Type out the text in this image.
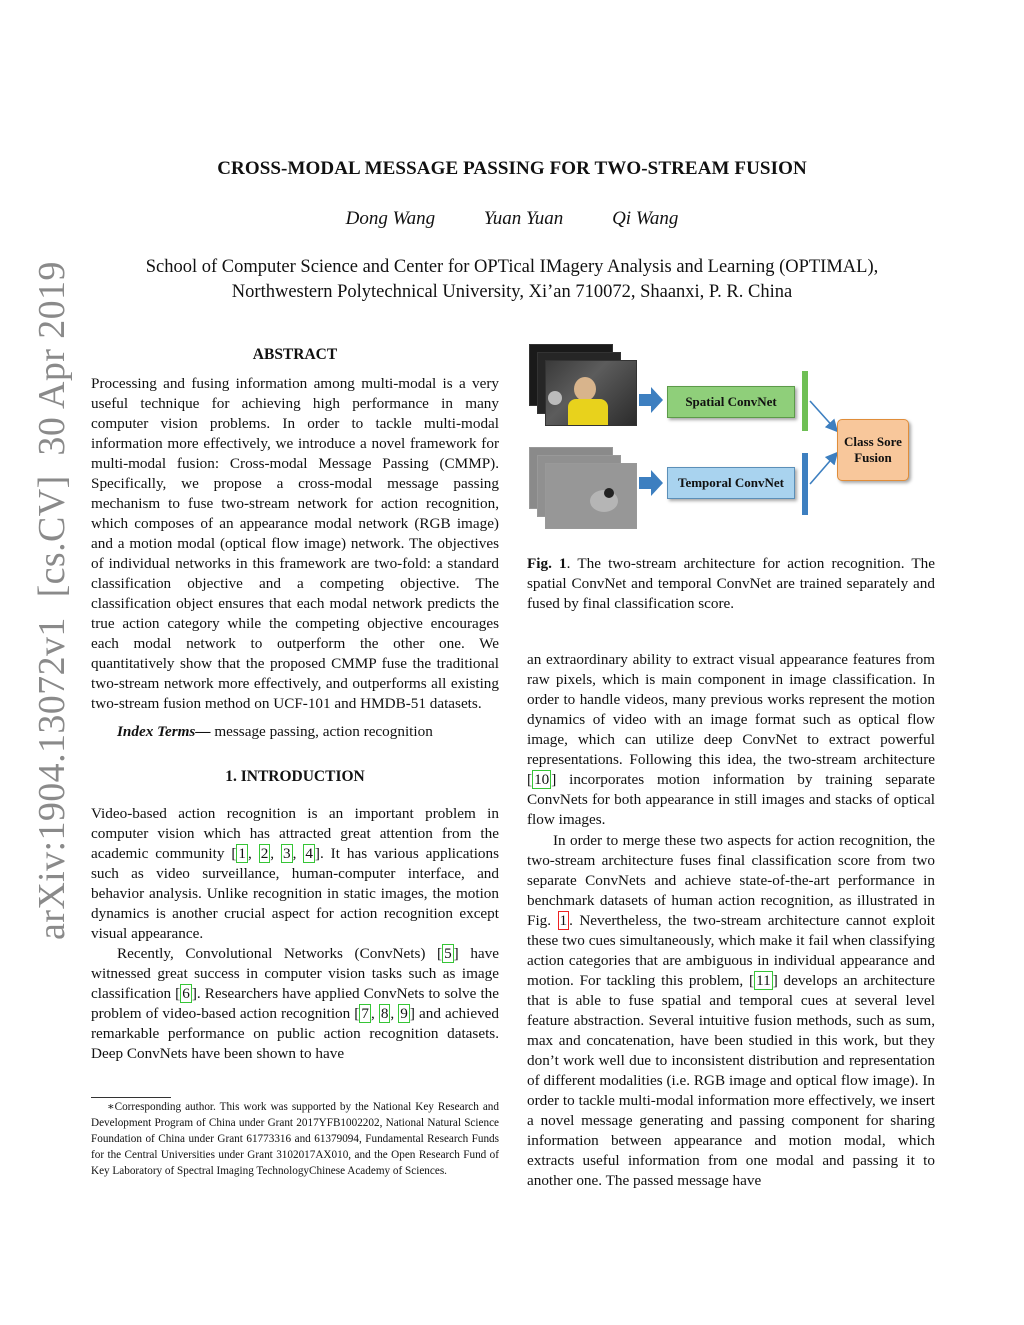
CROSS-MODAL MESSAGE PASSING FOR TWO-STREAM FUSION
Dong Wang	Yuan Yuan	Qi Wang
School of Computer Science and Center for OPTical IMagery Analysis and Learning (OPTIMAL),
Northwestern Polytechnical University, Xi’an 710072, Shaanxi, P. R. China
arXiv:1904.13072v1  [cs.CV]  30 Apr 2019	ABSTRACT

Processing and fusing information among multi-modal is a very useful technique for achieving high performance in many computer vision problems. In order to tackle multi-modal information more effectively, we introduce a novel framework for multi-modal fusion: Cross-modal Message Passing (CMMP). Specifically, we propose a cross-modal message passing mechanism to fuse two-stream network for action recognition, which composes of an appearance modal network (RGB image) and a motion modal (optical flow image) network. The objectives of individual networks in this framework are two-fold: a standard classification objective and a competing objective. The classification object ensures that each modal network predicts the true action category while the competing objective encourages each modal network to outperform the other one. We quantitatively show that the proposed CMMP fuse the traditional two-stream network more effectively, and outperforms all existing two-stream fusion method on UCF-101 and HMDB-51 datasets.

Index Terms— message passing, action recognition

1. INTRODUCTION

Video-based action recognition is an important problem in computer vision which has attracted great attention from the academic community [ 1 , 2 , 3 , 4 ]. It has various applications such as video surveillance, human-computer interface, and behavior analysis. Unlike recognition in static images, the motion dynamics is another crucial aspect for action recognition except visual appearance.

Recently, Convolutional Networks (ConvNets) [ 5 ] have witnessed great success in computer vision tasks such as image classification [ 6 ]. Researchers have applied ConvNets to solve the problem of video-based action recognition [ 7 , 8 , 9 ] and achieved remarkable performance on public action recognition datasets. Deep ConvNets have been shown to have

∗Corresponding author. This work was supported by the National Key Research and Development Program of China under Grant 2017YFB1002202, National Natural Science Foundation of China under Grant 61773316 and 61379094, Fundamental Research Funds for the Central Universities under Grant 3102017AX010, and the Open Research Fund of Key Laboratory of Spectral Imaging TechnologyChinese Academy of Sciences.

Spatial ConvNet
Temporal ConvNet
Class Sore
Fusion

Fig. 1. The two-stream architecture for action recognition. The spatial ConvNet and temporal ConvNet are trained separately and fused by final classification score.

an extraordinary ability to extract visual appearance features from raw pixels, which is main component in image classification. In order to handle videos, many previous works represent the motion dynamics of video with an image format such as optical flow image, which can utilize deep ConvNet to extract powerful representations. Following this idea, the two-stream architecture [ 10 ] incorporates motion information by training separate ConvNets for both appearance in still images and stacks of optical flow images.

In order to merge these two aspects for action recognition, the two-stream architecture fuses final classification score from two separate ConvNets and achieve state-of-the-art performance in benchmark datasets of human action recognition, as illustrated in Fig. 1 . Nevertheless, the two-stream architecture cannot exploit these two cues simultaneously, which make it fail when classifying action categories that are ambiguous in individual appearance and motion. For tackling this problem, [ 11 ] develops an architecture that is able to fuse spatial and temporal cues at several level feature abstraction. Several intuitive fusion methods, such as sum, max and concatenation, have been studied in this work, but they don’t work well due to inconsistent distribution and representation of different modalities (i.e. RGB image and optical flow image). In order to tackle multi-modal information more effectively, we insert a novel message generating and passing component for sharing information between appearance and motion modal, which extracts useful information from one modal and passing it to another one. The passed message have
